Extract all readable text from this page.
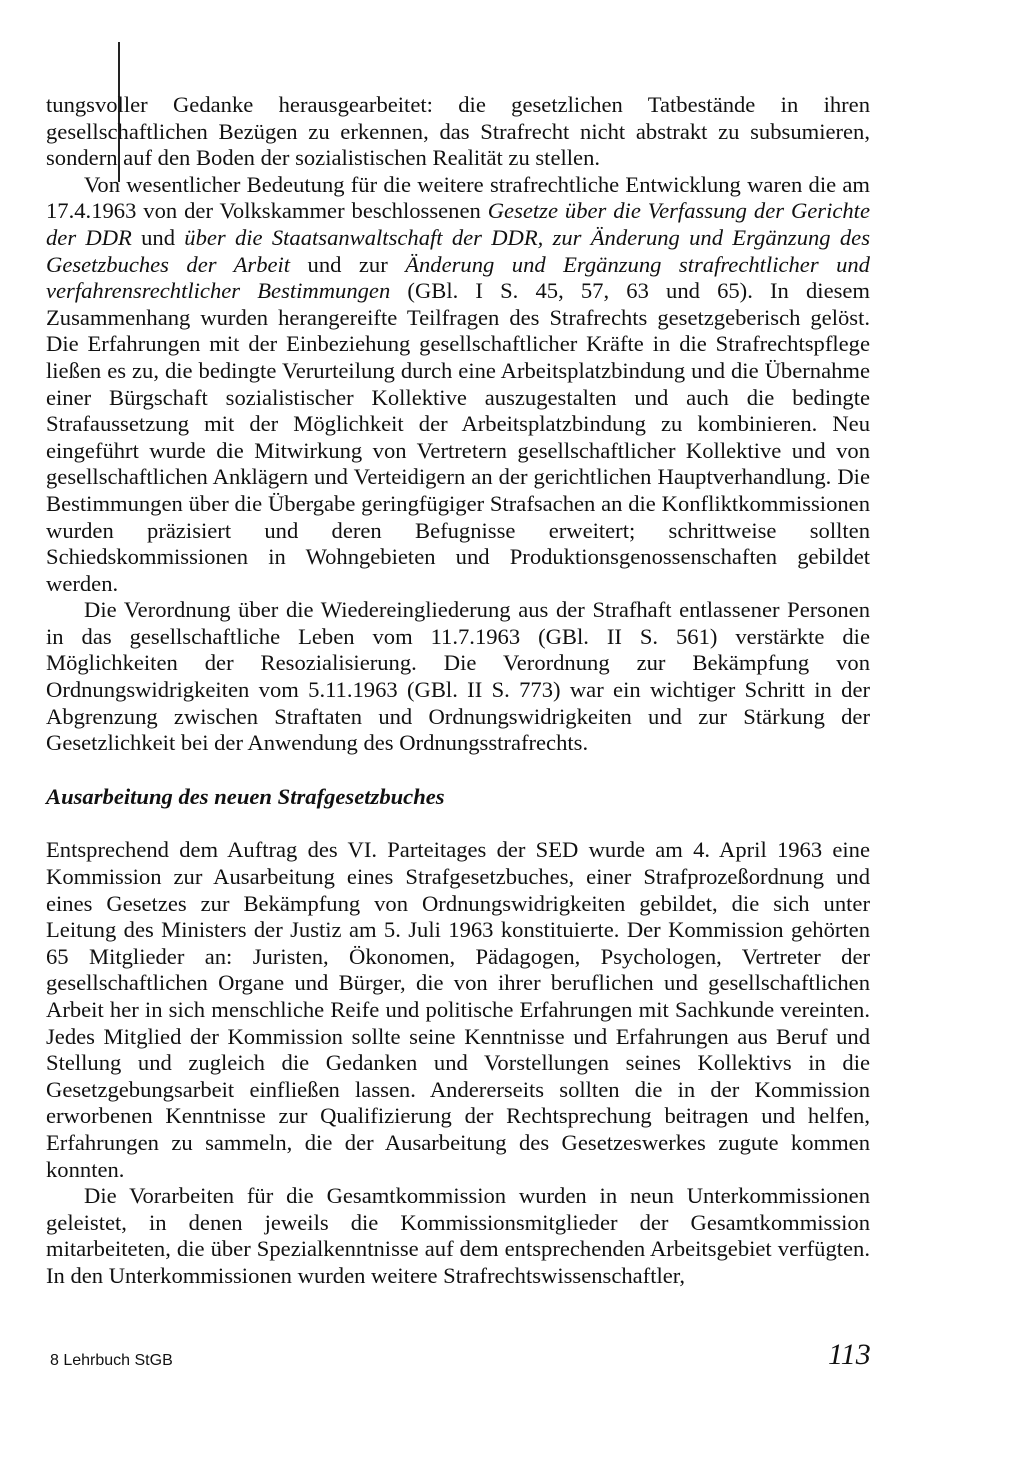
tungsvoller Gedanke herausgearbeitet: die gesetzlichen Tatbestände in ihren gesellschaftlichen Bezügen zu erkennen, das Strafrecht nicht abstrakt zu subsumieren, sondern auf den Boden der sozialistischen Realität zu stellen.

Von wesentlicher Bedeutung für die weitere strafrechtliche Entwicklung waren die am 17.4.1963 von der Volkskammer beschlossenen Gesetze über die Verfassung der Gerichte der DDR und über die Staatsanwaltschaft der DDR, zur Änderung und Ergänzung des Gesetzbuches der Arbeit und zur Änderung und Ergänzung strafrechtlicher und verfahrensrechtlicher Bestimmungen (GBl. I S. 45, 57, 63 und 65). In diesem Zusammenhang wurden herangereifte Teilfragen des Strafrechts gesetzgeberisch gelöst. Die Erfahrungen mit der Einbeziehung gesellschaftlicher Kräfte in die Strafrechtspflege ließen es zu, die bedingte Verurteilung durch eine Arbeitsplatzbindung und die Übernahme einer Bürgschaft sozialistischer Kollektive auszugestalten und auch die bedingte Strafaussetzung mit der Möglichkeit der Arbeitsplatzbindung zu kombinieren. Neu eingeführt wurde die Mitwirkung von Vertretern gesellschaftlicher Kollektive und von gesellschaftlichen Anklägern und Verteidigern an der gerichtlichen Hauptverhandlung. Die Bestimmungen über die Übergabe geringfügiger Strafsachen an die Konfliktkommissionen wurden präzisiert und deren Befugnisse erweitert; schrittweise sollten Schiedskommissionen in Wohngebieten und Produktionsgenossenschaften gebildet werden.

Die Verordnung über die Wiedereingliederung aus der Strafhaft entlassener Personen in das gesellschaftliche Leben vom 11.7.1963 (GBl. II S. 561) verstärkte die Möglichkeiten der Resozialisierung. Die Verordnung zur Bekämpfung von Ordnungswidrigkeiten vom 5.11.1963 (GBl. II S. 773) war ein wichtiger Schritt in der Abgrenzung zwischen Straftaten und Ordnungswidrigkeiten und zur Stärkung der Gesetzlichkeit bei der Anwendung des Ordnungsstrafrechts.

Ausarbeitung des neuen Strafgesetzbuches

Entsprechend dem Auftrag des VI. Parteitages der SED wurde am 4. April 1963 eine Kommission zur Ausarbeitung eines Strafgesetzbuches, einer Strafprozeßordnung und eines Gesetzes zur Bekämpfung von Ordnungswidrigkeiten gebildet, die sich unter Leitung des Ministers der Justiz am 5. Juli 1963 konstituierte. Der Kommission gehörten 65 Mitglieder an: Juristen, Ökonomen, Pädagogen, Psychologen, Vertreter der gesellschaftlichen Organe und Bürger, die von ihrer beruflichen und gesellschaftlichen Arbeit her in sich menschliche Reife und politische Erfahrungen mit Sachkunde vereinten. Jedes Mitglied der Kommission sollte seine Kenntnisse und Erfahrungen aus Beruf und Stellung und zugleich die Gedanken und Vorstellungen seines Kollektivs in die Gesetzgebungsarbeit einfließen lassen. Andererseits sollten die in der Kommission erworbenen Kenntnisse zur Qualifizierung der Rechtsprechung beitragen und helfen, Erfahrungen zu sammeln, die der Ausarbeitung des Gesetzeswerkes zugute kommen konnten.

Die Vorarbeiten für die Gesamtkommission wurden in neun Unterkommissionen geleistet, in denen jeweils die Kommissionsmitglieder der Gesamtkommission mitarbeiteten, die über Spezialkenntnisse auf dem entsprechenden Arbeitsgebiet verfügten. In den Unterkommissionen wurden weitere Strafrechtswissenschaftler,

8 Lehrbuch StGB	113
